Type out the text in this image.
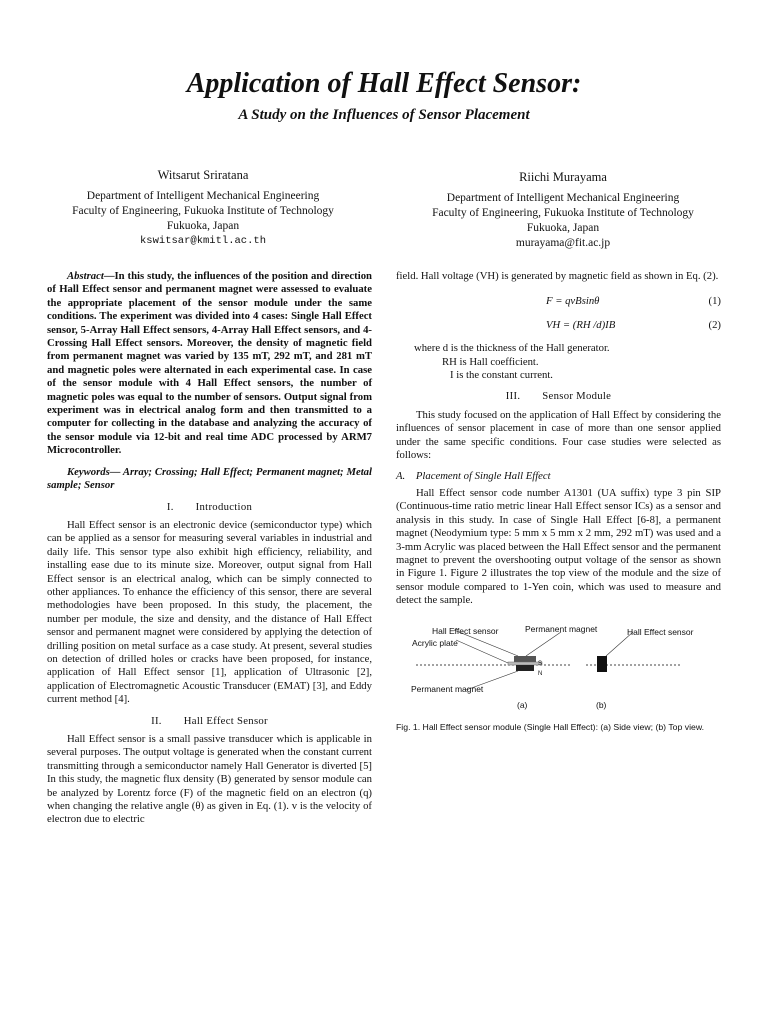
Application of Hall Effect Sensor:
A Study on the Influences of Sensor Placement
Witsarut Sriratana
Department of Intelligent Mechanical Engineering
Faculty of Engineering, Fukuoka Institute of Technology
Fukuoka, Japan
kswitsar@kmitl.ac.th
Riichi Murayama
Department of Intelligent Mechanical Engineering
Faculty of Engineering, Fukuoka Institute of Technology
Fukuoka, Japan
murayama@fit.ac.jp

Abstract—In this study, the influences of the position and direction of Hall Effect sensor and permanent magnet were assessed to evaluate the appropriate placement of the sensor module under the same conditions. The experiment was divided into 4 cases: Single Hall Effect sensor, 5-Array Hall Effect sensors, 4-Array Hall Effect sensors, and 4-Crossing Hall Effect sensors. Moreover, the density of magnetic field from permanent magnet was varied by 135 mT, 292 mT, and 281 mT and magnetic poles were alternated in each experimental case. In case of the sensor module with 4 Hall Effect sensors, the number of magnetic poles was equal to the number of sensors. Output signal from experiment was in electrical analog form and then transmitted to a computer for collecting in the database and analyzing the accuracy of the sensor module via 12-bit and real time ADC processed by ARM7 Microcontroller.

Keywords— Array; Crossing; Hall Effect; Permanent magnet; Metal sample; Sensor

I.  Introduction

Hall Effect sensor is an electronic device (semiconductor type) which can be applied as a sensor for measuring several variables in industrial and daily life. This sensor type also exhibit high efficiency, reliability, and installing ease due to its minute size. Moreover, output signal from Hall Effect sensor is an electrical analog, which can be simply connected to other appliances. To enhance the efficiency of this sensor, there are several methodologies have been proposed. In this study, the placement, the number per module, the size and density, and the distance of Hall Effect sensor and permanent magnet were considered by applying the detection of drilling position on metal surface as a case study. At present, several studies on detection of drilled holes or cracks have been proposed, for instance, application of Hall Effect sensor [1], application of Ultrasonic [2], application of Electromagnetic Acoustic Transducer (EMAT) [3], and Eddy current method [4].

II.  Hall Effect Sensor

Hall Effect sensor is a small passive transducer which is applicable in several purposes. The output voltage is generated when the constant current transmitting through a semiconductor namely Hall Generator is diverted [5] In this study, the magnetic flux density (B) generated by sensor module can be analyzed by Lorentz force (F) of the magnetic field on an electron (q) when changing the relative angle (θ) as given in Eq. (1). v is the velocity of electron due to electric

field. Hall voltage (VH) is generated by magnetic field as shown in Eq. (2).

F = qvBsinθ	(1)
VH = (RH /d)IB	(2)
where d is the thickness of the Hall generator.
RH is Hall coefficient.
I is the constant current.
III.  Sensor Module

This study focused on the application of Hall Effect by considering the influences of sensor placement in case of more than one sensor applied under the same specific conditions. Four case studies were selected as follows:

A. Placement of Single Hall Effect

Hall Effect sensor code number A1301 (UA suffix) type 3 pin SIP (Continuous-time ratio metric linear Hall Effect sensor ICs) as a sensor and analysis in this study. In case of Single Hall Effect [6-8], a permanent magnet (Neodymium type: 5 mm x 5 mm x 2 mm, 292 mT) was used and a 3-mm Acrylic was placed between the Hall Effect sensor and the permanent magnet to prevent the overshooting output voltage of the sensor as shown in Figure 1. Figure 2 illustrates the top view of the module and the size of sensor module compared to 1-Yen coin, which was used to measure and detect the sample.

Hall Effect sensor	Permanent magnet	Hall Effect sensor
Acrylic plate
Permanent magnet
S
N
(a)	(b)
Fig. 1. Hall Effect sensor module (Single Hall Effect): (a) Side view; (b) Top view.
